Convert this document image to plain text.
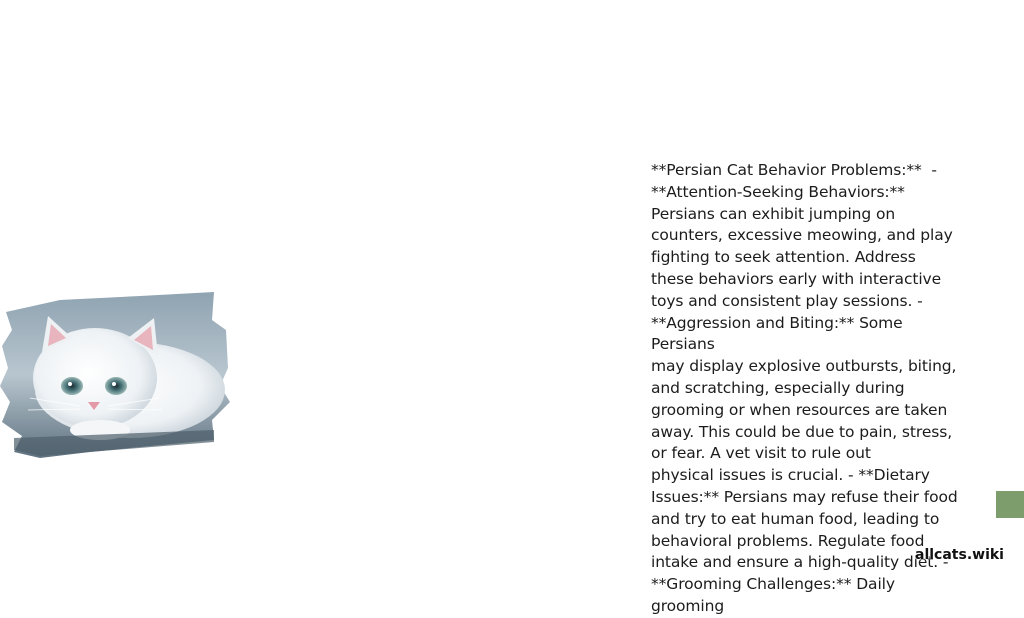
**Persian Cat Behavior Problems:**  -

**Attention-Seeking Behaviors:**

Persians can exhibit jumping on

counters, excessive meowing, and play

fighting to seek attention. Address

these behaviors early with interactive

toys and consistent play sessions. -

**Aggression and Biting:** Some Persians

may display explosive outbursts, biting,

and scratching, especially during

grooming or when resources are taken

away. This could be due to pain, stress,

or fear. A vet visit to rule out

physical issues is crucial. - **Dietary

Issues:** Persians may refuse their food

and try to eat human food, leading to

behavioral problems. Regulate food

intake and ensure a high-quality diet. -

**Grooming Challenges:** Daily grooming

allcats.wiki
